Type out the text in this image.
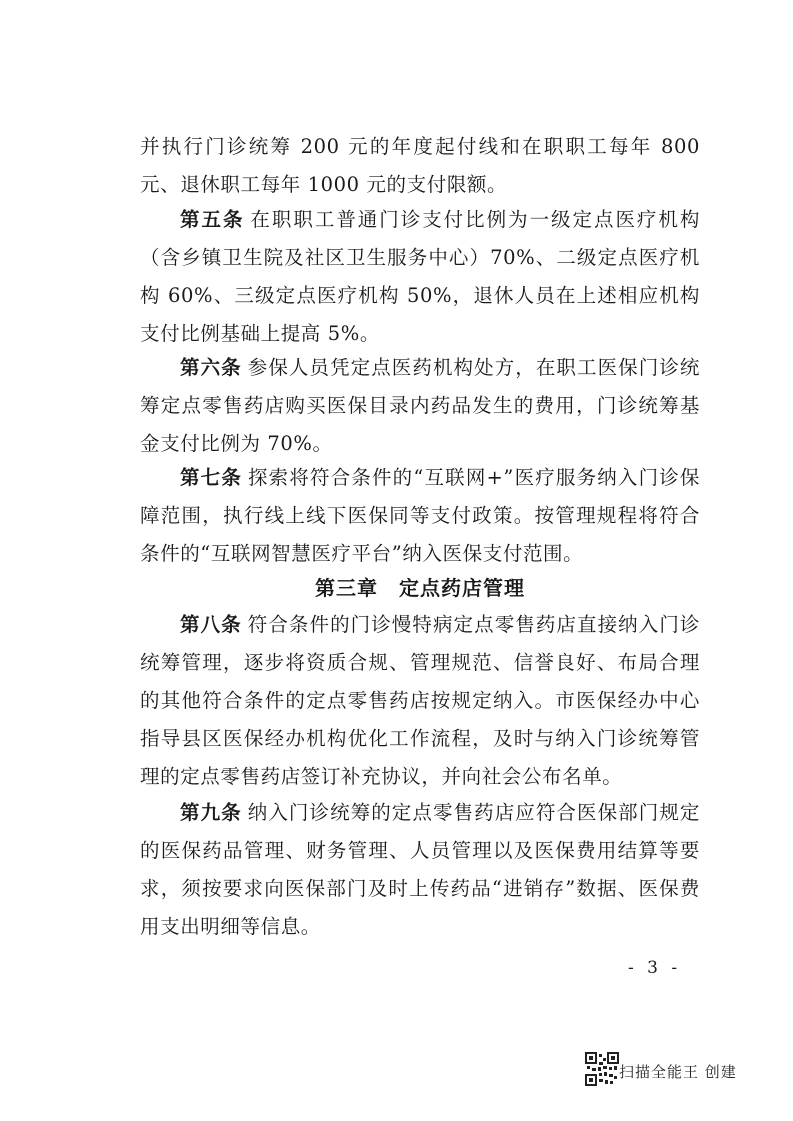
并执行门诊统筹 200 元的年度起付线和在职职工每年 800 元、退休职工每年 1000 元的支付限额。

第五条 在职职工普通门诊支付比例为一级定点医疗机构（含乡镇卫生院及社区卫生服务中心）70%、二级定点医疗机构 60%、三级定点医疗机构 50%，退休人员在上述相应机构支付比例基础上提高 5%。

第六条 参保人员凭定点医药机构处方，在职工医保门诊统筹定点零售药店购买医保目录内药品发生的费用，门诊统筹基金支付比例为 70%。

第七条 探索将符合条件的“互联网+”医疗服务纳入门诊保障范围，执行线上线下医保同等支付政策。按管理规程将符合条件的“互联网智慧医疗平台”纳入医保支付范围。

第三章　定点药店管理

第八条 符合条件的门诊慢特病定点零售药店直接纳入门诊统筹管理，逐步将资质合规、管理规范、信誉良好、布局合理的其他符合条件的定点零售药店按规定纳入。市医保经办中心指导县区医保经办机构优化工作流程，及时与纳入门诊统筹管理的定点零售药店签订补充协议，并向社会公布名单。

第九条 纳入门诊统筹的定点零售药店应符合医保部门规定的医保药品管理、财务管理、人员管理以及医保费用结算等要求，须按要求向医保部门及时上传药品“进销存”数据、医保费用支出明细等信息。

- 3 -
扫描全能王 创建
